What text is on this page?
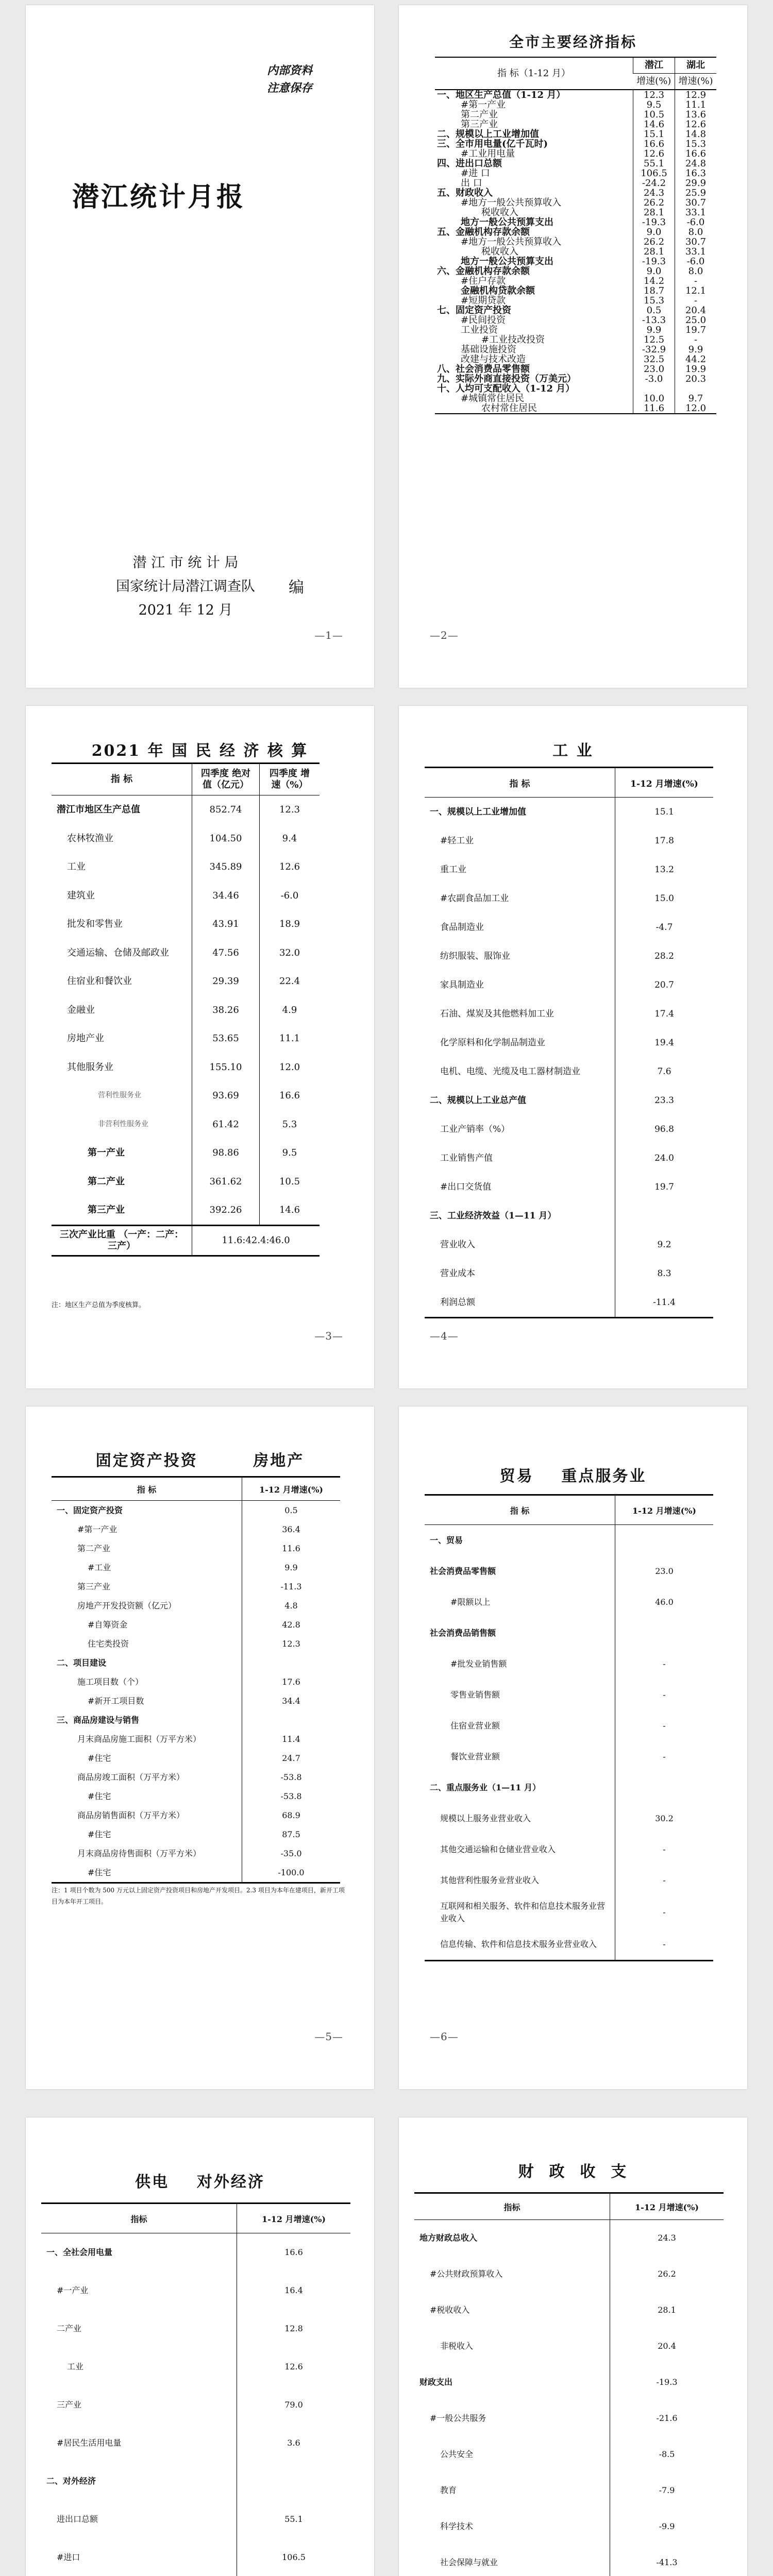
内部资料
注意保存
潜江统计月报
潜 江 市 统 计 局
国家统计局潜江调查队
2021 年 12 月
编
—1—
全市主要经济指标
指 标（1-12 月）	潜江	湖北
	增速(%)	增速(%)
一、地区生产总值（1-12 月）	12.3	12.9
#第一产业	9.5	11.1
第二产业	10.5	13.6
第三产业	14.6	12.6
二、规模以上工业增加值	15.1	14.8
三、全市用电量(亿千瓦时)	16.6	15.3
#工业用电量	12.6	16.6
四、进出口总额	55.1	24.8
#进 口	106.5	16.3
出 口	-24.2	29.9
五、财政收入	24.3	25.9
#地方一般公共预算收入	26.2	30.7
税收收入	28.1	33.1
地方一般公共预算支出	-19.3	-6.0
五、金融机构存款余额	9.0	8.0
#地方一般公共预算收入	26.2	30.7
税收收入	28.1	33.1
地方一般公共预算支出	-19.3	-6.0
六、金融机构存款余额	9.0	8.0
#住户存款	14.2	-
金融机构贷款余额	18.7	12.1
#短期贷款	15.3	-
七、固定资产投资	0.5	20.4
#民间投资	-13.3	25.0
工业投资	9.9	19.7
#工业技改投资	12.5	-
基础设施投资	-32.9	9.9
改建与技术改造	32.5	44.2
八、社会消费品零售额	23.0	19.9
九、实际外商直接投资（万美元）	-3.0	20.3
十、人均可支配收入（1-12 月）		
#城镇常住居民	10.0	9.7
农村常住居民	11.6	12.0
—2—
2021 年 国 民 经 济 核 算
指 标	四季度 绝对值（亿元）	四季度 增速（%）
潜江市地区生产总值	852.74	12.3
农林牧渔业	104.50	9.4
工业	345.89	12.6
建筑业	34.46	-6.0
批发和零售业	43.91	18.9
交通运输、仓储及邮政业	47.56	32.0
住宿业和餐饮业	29.39	22.4
金融业	38.26	4.9
房地产业	53.65	11.1
其他服务业	155.10	12.0
营利性服务业	93.69	16.6
非营利性服务业	61.42	5.3
第一产业	98.86	9.5
第二产业	361.62	10.5
第三产业	392.26	14.6
三次产业比重 （一产：二产：三产）	11.6:42.4:46.0	
注：地区生产总值为季度核算。
—3—
工 业
指 标	1-12 月增速(%)
一、规模以上工业增加值	15.1
#轻工业	17.8
重工业	13.2
#农副食品加工业	15.0
食品制造业	-4.7
纺织服装、服饰业	28.2
家具制造业	20.7
石油、煤炭及其他燃料加工业	17.4
化学原料和化学制品制造业	19.4
电机、电缆、光缆及电工器材制造业	7.6
二、规模以上工业总产值	23.3
工业产销率（%）	96.8
工业销售产值	24.0
#出口交货值	19.7
三、工业经济效益（1—11 月）	
营业收入	9.2
营业成本	8.3
利润总额	-11.4
—4—
固定资产投资        房地产
指 标	1-12 月增速(%)
一、固定资产投资	0.5
#第一产业	36.4
第二产业	11.6
#工业	9.9
第三产业	-11.3
房地产开发投资额（亿元）	4.8
#自筹资金	42.8
住宅类投资	12.3
二、项目建设	
施工项目数（个）	17.6
#新开工项目数	34.4
三、商品房建设与销售	
月末商品房施工面积（万平方米）	11.4
#住宅	24.7
商品房竣工面积（万平方米）	-53.8
#住宅	-53.8
商品房销售面积（万平方米）	68.9
#住宅	87.5
月末商品房待售面积（万平方米）	-35.0
#住宅	-100.0
注：1 项目个数为 500 万元以上固定资产投资项目和房地产开发项目。2.3 项目为本年在建项目，新开工项目为本年开工项目。
—5—
贸易    重点服务业
指 标	1-12 月增速(%)
一、贸易	
社会消费品零售额	23.0
#限额以上	46.0
社会消费品销售额	
#批发业销售额	-
零售业销售额	-
住宿业营业额	-
餐饮业营业额	-
二、重点服务业（1—11 月）	
规模以上服务业营业收入	30.2
其他交通运输和仓储业营业收入	-
其他营利性服务业营业收入	-
互联网和相关服务、软件和信息技术服务业营业收入	-
信息传输、软件和信息技术服务业营业收入	-
—6—
供电    对外经济
指标	1-12 月增速(%)
一、全社会用电量	16.6
#一产业	16.4
二产业	12.8
工业	12.6
三产业	79.0
#居民生活用电量	3.6
二、对外经济	
进出口总额	55.1
#进口	106.5

财  政  收  支
指标	1-12 月增速(%)
地方财政总收入	24.3
#公共财政预算收入	26.2
#税收收入	28.1
非税收入	20.4
财政支出	-19.3
#一般公共服务	-21.6
公共安全	-8.5
教育	-7.9
科学技术	-9.9
社会保障与就业	-41.3
